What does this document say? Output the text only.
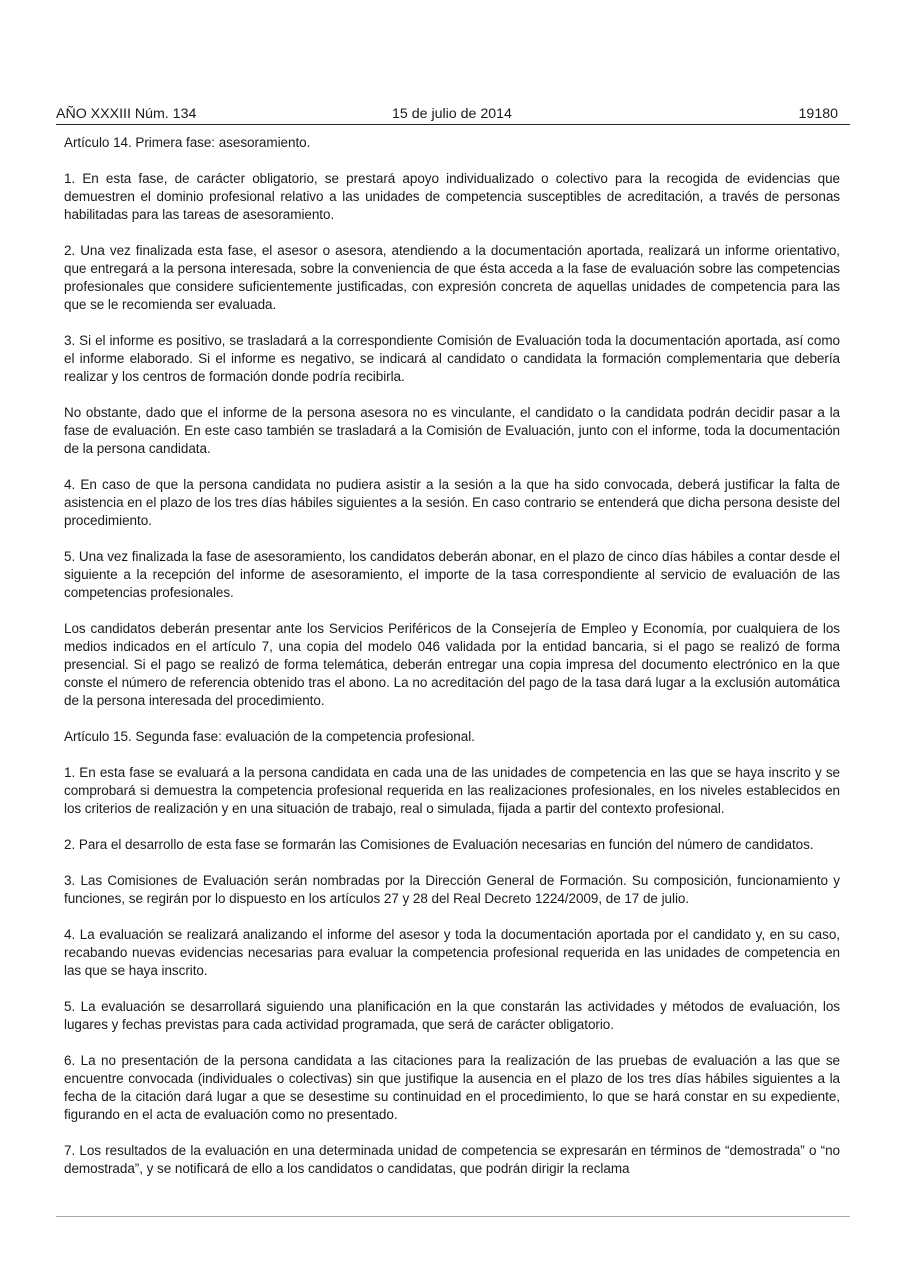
AÑO XXXIII Núm. 134	15 de julio de 2014	19180

Artículo 14. Primera fase: asesoramiento.

1. En esta fase, de carácter obligatorio, se prestará apoyo individualizado o colectivo para la recogida de evidencias que demuestren el dominio profesional relativo a las unidades de competencia susceptibles de acreditación, a través de personas habilitadas para las tareas de asesoramiento.

2. Una vez finalizada esta fase, el asesor o asesora, atendiendo a la documentación aportada, realizará un informe orientativo, que entregará a la persona interesada, sobre la conveniencia de que ésta acceda a la fase de evaluación sobre las competencias profesionales que considere suficientemente justificadas, con expresión concreta de aquellas unidades de competencia para las que se le recomienda ser evaluada.

3. Si el informe es positivo, se trasladará a la correspondiente Comisión de Evaluación toda la documentación aportada, así como el informe elaborado. Si el informe es negativo, se indicará al candidato o candidata la formación complementaria que debería realizar y los centros de formación donde podría recibirla.

No obstante, dado que el informe de la persona asesora no es vinculante, el candidato o la candidata podrán decidir pasar a la fase de evaluación. En este caso también se trasladará a la Comisión de Evaluación, junto con el informe, toda la documentación de la persona candidata.

4. En caso de que la persona candidata no pudiera asistir a la sesión a la que ha sido convocada, deberá justificar la falta de asistencia en el plazo de los tres días hábiles siguientes a la sesión. En caso contrario se entenderá que dicha persona desiste del procedimiento.

5. Una vez finalizada la fase de asesoramiento, los candidatos deberán abonar, en el plazo de cinco días hábiles a contar desde el siguiente a la recepción del informe de asesoramiento, el importe de la tasa correspondiente al servicio de evaluación de las competencias profesionales.

Los candidatos deberán presentar ante los Servicios Periféricos de la Consejería de Empleo y Economía, por cualquiera de los medios indicados en el artículo 7, una copia del modelo 046 validada por la entidad bancaria, si el pago se realizó de forma presencial. Si el pago se realizó de forma telemática, deberán entregar una copia impresa del documento electrónico en la que conste el número de referencia obtenido tras el abono. La no acreditación del pago de la tasa dará lugar a la exclusión automática de la persona interesada del procedimiento.

Artículo 15. Segunda fase: evaluación de la competencia profesional.

1. En esta fase se evaluará a la persona candidata en cada una de las unidades de competencia en las que se haya inscrito y se comprobará si demuestra la competencia profesional requerida en las realizaciones profesionales, en los niveles establecidos en los criterios de realización y en una situación de trabajo, real o simulada, fijada a partir del contexto profesional.

2. Para el desarrollo de esta fase se formarán las Comisiones de Evaluación necesarias en función del número de candidatos.

3. Las Comisiones de Evaluación serán nombradas por la Dirección General de Formación. Su composición, funcionamiento y funciones, se regirán por lo dispuesto en los artículos 27 y 28 del Real Decreto 1224/2009, de 17 de julio.

4. La evaluación se realizará analizando el informe del asesor y toda la documentación aportada por el candidato y, en su caso, recabando nuevas evidencias necesarias para evaluar la competencia profesional requerida en las unidades de competencia en las que se haya inscrito.

5. La evaluación se desarrollará siguiendo una planificación en la que constarán las actividades y métodos de evaluación, los lugares y fechas previstas para cada actividad programada, que será de carácter obligatorio.

6. La no presentación de la persona candidata a las citaciones para la realización de las pruebas de evaluación a las que se encuentre convocada (individuales o colectivas) sin que justifique la ausencia en el plazo de los tres días hábiles siguientes a la fecha de la citación dará lugar a que se desestime su continuidad en el procedimiento, lo que se hará constar en su expediente, figurando en el acta de evaluación como no presentado.

7. Los resultados de la evaluación en una determinada unidad de competencia se expresarán en términos de “demostrada” o “no demostrada”, y se notificará de ello a los candidatos o candidatas, que podrán dirigir la reclama
